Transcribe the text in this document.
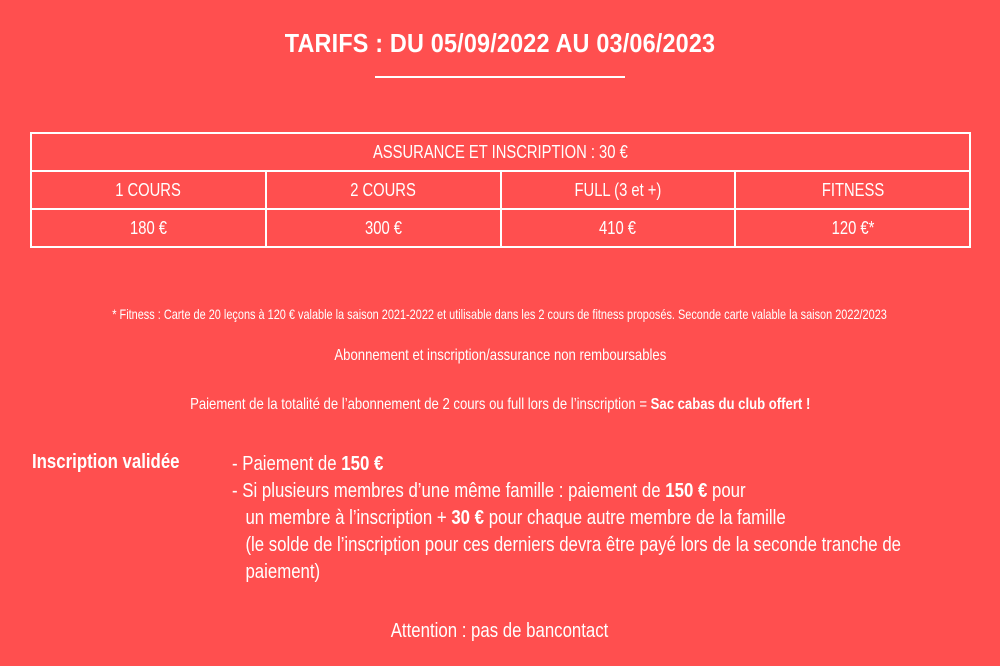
TARIFS : DU 05/09/2022 AU 03/06/2023
ASSURANCE ET INSCRIPTION : 30 €			
1 COURS	2 COURS	FULL (3 et +)	FITNESS
180 €	300 €	410 €	120 €*
* Fitness : Carte de 20 leçons à 120 € valable la saison 2021-2022 et utilisable dans les 2 cours de fitness proposés. Seconde carte valable la saison 2022/2023
Abonnement et inscription/assurance non remboursables
Paiement de la totalité de l’abonnement de 2 cours ou full lors de l’inscription = Sac cabas du club offert !
Inscription validée	- Paiement de 150 €
- Si plusieurs membres d’une même famille : paiement de 150 € pour
un membre à l’inscription + 30 € pour chaque autre membre de la famille
(le solde de l’inscription pour ces derniers devra être payé lors de la seconde tranche de
paiement)
Attention : pas de bancontact
